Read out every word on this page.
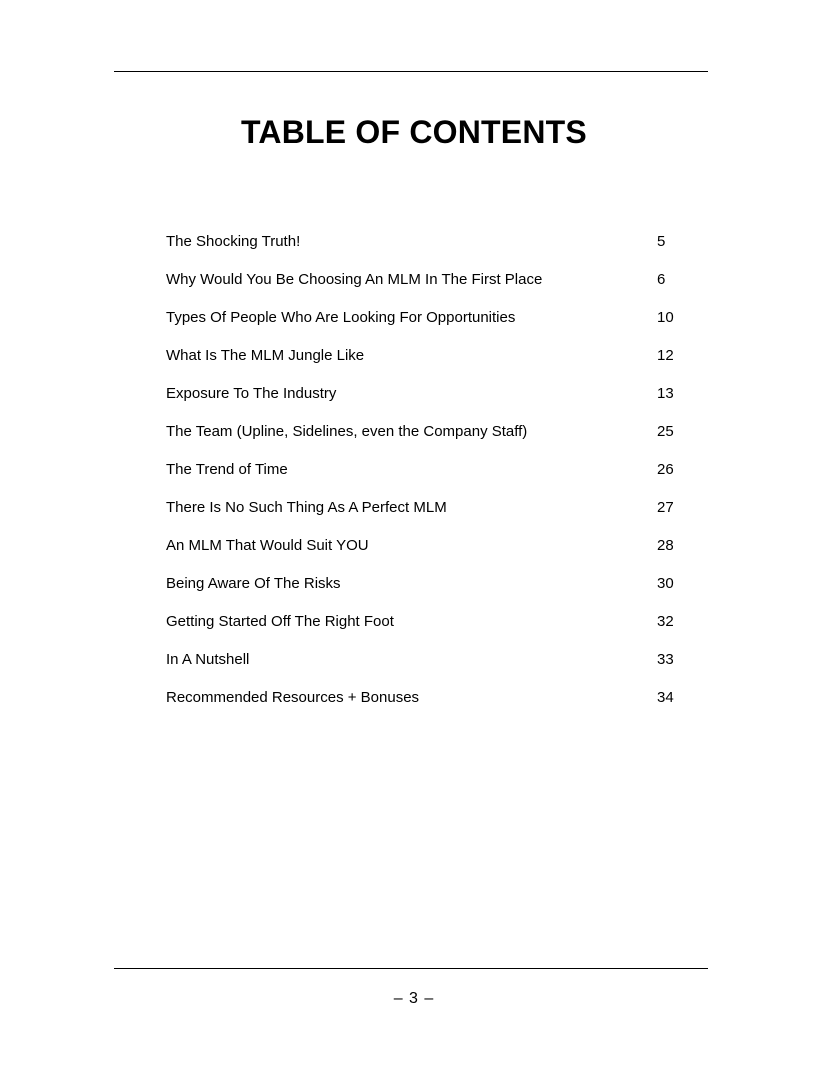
TABLE OF CONTENTS
The Shocking Truth!	5
Why Would You Be Choosing An MLM In The First Place	6
Types Of People Who Are Looking For Opportunities	10
What Is The MLM Jungle Like	12
Exposure To The Industry	13
The Team (Upline, Sidelines, even the Company Staff)	25
The Trend of Time	26
There Is No Such Thing As A Perfect MLM	27
An MLM That Would Suit YOU	28
Being Aware Of The Risks	30
Getting Started Off The Right Foot	32
In A Nutshell	33
Recommended Resources + Bonuses	34
– 3 –
